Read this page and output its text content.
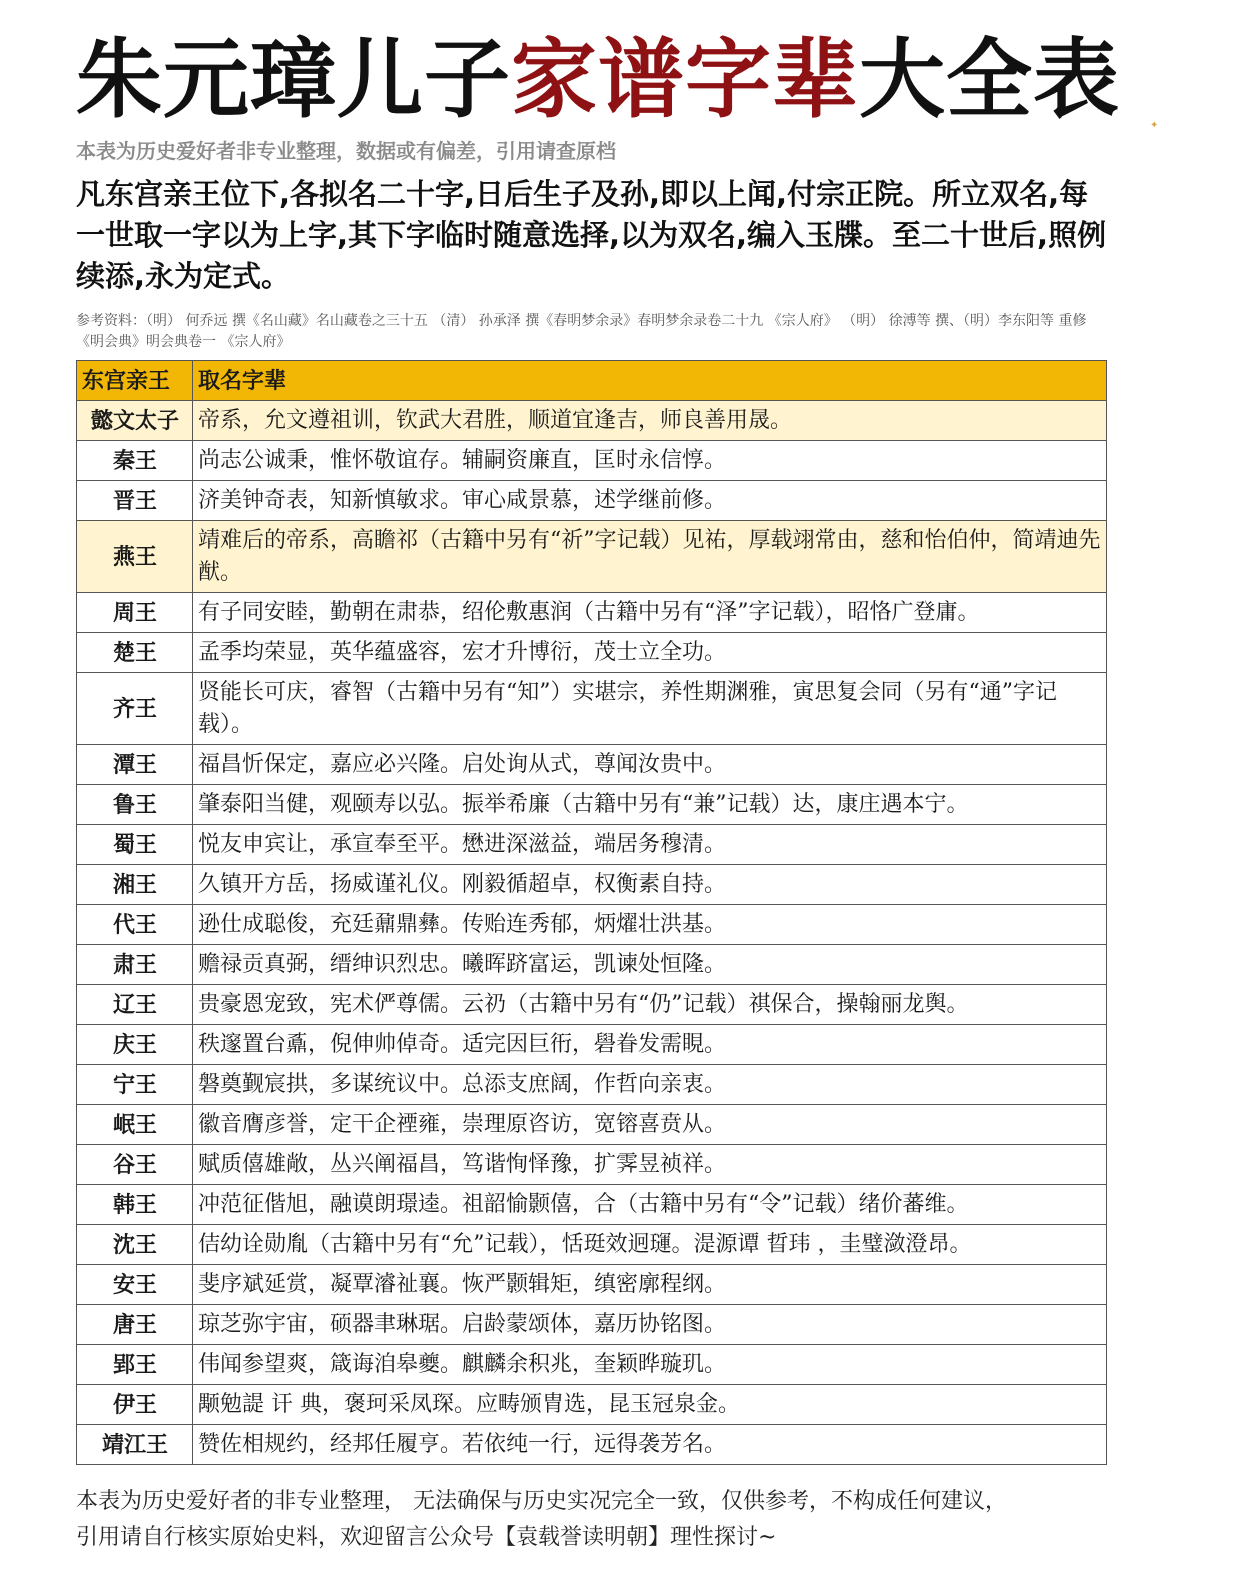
朱元璋儿子家谱字辈大全表	✦
本表为历史爱好者非专业整理，数据或有偏差，引用请查原档
凡东宫亲王位下,各拟名二十字,日后生子及孙,即以上闻,付宗正院。所立双名,每一世取一字以为上字,其下字临时随意选择,以为双名,编入玉牒。至二十世后,照例续添,永为定式。
参考资料：（明） 何乔远 撰《名山藏》名山藏卷之三十五 （清） 孙承泽 撰《春明梦余录》春明梦余录卷二十九 《宗人府》 （明） 徐溥等 撰、（明）李东阳等 重修《明会典》明会典卷一 《宗人府》
东宫亲王	取名字辈
懿文太子	帝系，允文遵祖训，钦武大君胜，顺道宜逢吉，师良善用晟。
秦王	尚志公诚秉，惟怀敬谊存。辅嗣资廉直，匡时永信惇。
晋王	济美钟奇表，知新慎敏求。审心咸景慕，述学继前修。
燕王	靖难后的帝系，高瞻祁（古籍中另有“祈”字记载）见祐，厚载翊常由，慈和怡伯仲，简靖迪先猷。
周王	有子同安睦，勤朝在肃恭，绍伦敷惠润（古籍中另有“泽”字记载），昭恪广登庸。
楚王	孟季均荣显，英华蕴盛容，宏才升博衍，茂士立全功。
齐王	贤能长可庆，睿智（古籍中另有“知”）实堪宗，养性期渊雅，寅思复会同（另有“通”字记载）。
潭王	福昌忻保定，嘉应必兴隆。启处询从式，尊闻汝贵中。
鲁王	肇泰阳当健，观颐寿以弘。振举希廉（古籍中另有“兼”记载）达，康庄遇本宁。
蜀王	悦友申宾让，承宣奉至平。懋进深滋益，端居务穆清。
湘王	久镇开方岳，扬威谨礼仪。刚毅循超卓，权衡素自持。
代王	逊仕成聪俊，充廷鼐鼎彝。传贻连秀郁，炳燿壮洪基。
肃王	赡禄贡真弼，缙绅识烈忠。曦晖跻富运，凯谏处恒隆。
辽王	贵豪恩宠致，宪术俨尊儒。云礽（古籍中另有“仍”记载）祺保合，操翰丽龙舆。
庆王	秩邃置台鼒，倪伸帅倬奇。适完因巨衎，礐眷发需睍。
宁王	磐奠觐宸拱，多谋统议中。总添支庶阔，作哲向亲衷。
岷王	徽音膺彦誉，定干企禋雍，崇理原咨访，宽镕喜贲从。
谷王	赋质僖雄敞，丛兴阐福昌，笃谐恂怿豫，扩霁昱祯祥。
韩王	冲范征偕旭，融谟朗璟逵。祖韶愉颢僖，合（古籍中另有“令”记载）绪价蕃维。
沈王	佶幼诠勋胤（古籍中另有“允”记载），恬珽效迥璭。湜源谭 晢玮 ，圭璧潋澄昂。
安王	斐序斌延赏，凝覃濬祉襄。恢严颢辑矩，缜密廓程纲。
唐王	琼芝弥宇宙，硕器聿琳琚。启龄蒙颂体，嘉历协铭图。
郢王	伟闻参望爽，箴诲洎皋夔。麒麟余积兆，奎颖晔璇玑。
伊王	颙勉諟 讦 典，褒珂采凤琛。应畴颁胄选，昆玉冠泉金。
靖江王	赞佐相规约，经邦任履亨。若依纯一行，远得袭芳名。
本表为历史爱好者的非专业整理， 无法确保与历史实况完全一致，仅供参考，不构成任何建议，
引用请自行核实原始史料，欢迎留言公众号【袁载誉读明朝】理性探讨~
